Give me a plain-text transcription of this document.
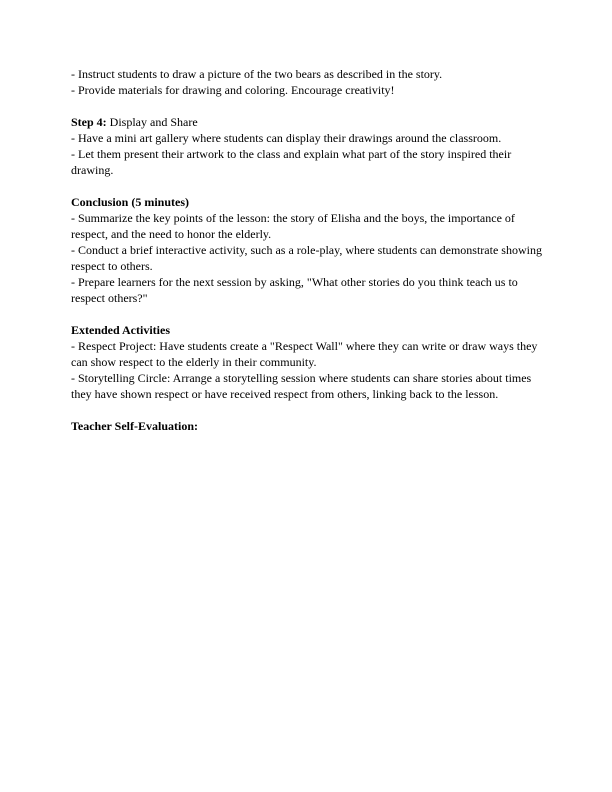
- Instruct students to draw a picture of the two bears as described in the story.

- Provide materials for drawing and coloring. Encourage creativity!

Step 4: Display and Share

- Have a mini art gallery where students can display their drawings around the classroom.

- Let them present their artwork to the class and explain what part of the story inspired their drawing.

Conclusion (5 minutes)

- Summarize the key points of the lesson: the story of Elisha and the boys, the importance of respect, and the need to honor the elderly.

- Conduct a brief interactive activity, such as a role-play, where students can demonstrate showing respect to others.

- Prepare learners for the next session by asking, "What other stories do you think teach us to respect others?"

Extended Activities

- Respect Project: Have students create a "Respect Wall" where they can write or draw ways they can show respect to the elderly in their community.

- Storytelling Circle: Arrange a storytelling session where students can share stories about times they have shown respect or have received respect from others, linking back to the lesson.

Teacher Self-Evaluation:
